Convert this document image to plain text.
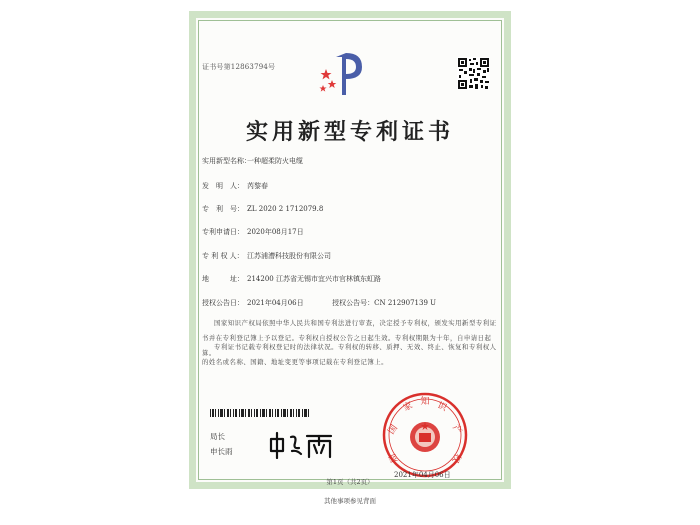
证书号第12863794号
实用新型专利证书
实用新型名称：一种超柔防火电缆
发　明　人： 芮黎春
专　利　号： ZL 2020 2 1712079.8
专利申请日： 2020年08月17日
专 利 权 人： 江苏浦漕科技股份有限公司
地　　　址： 214200 江苏省无锡市宜兴市官林镇东虹路
授权公告日： 2021年04月06日	授权公告号：CN 212907139 U
国家知识产权局依照中华人民共和国专利法进行审查，决定授予专利权，颁发实用新型专利证书并在专利登记簿上予以登记。专利权自授权公告之日起生效。专利权期限为十年，自申请日起算。
专利证书记载专利权登记时的法律状况。专利权的转移、质押、无效、终止、恢复和专利权人的姓名或名称、国籍、地址变更等事项记载在专利登记簿上。
局长
申长雨
国
家 知 识
产
权
局
2021年04月06日
第1页（共2页）
其他事项参见背面
